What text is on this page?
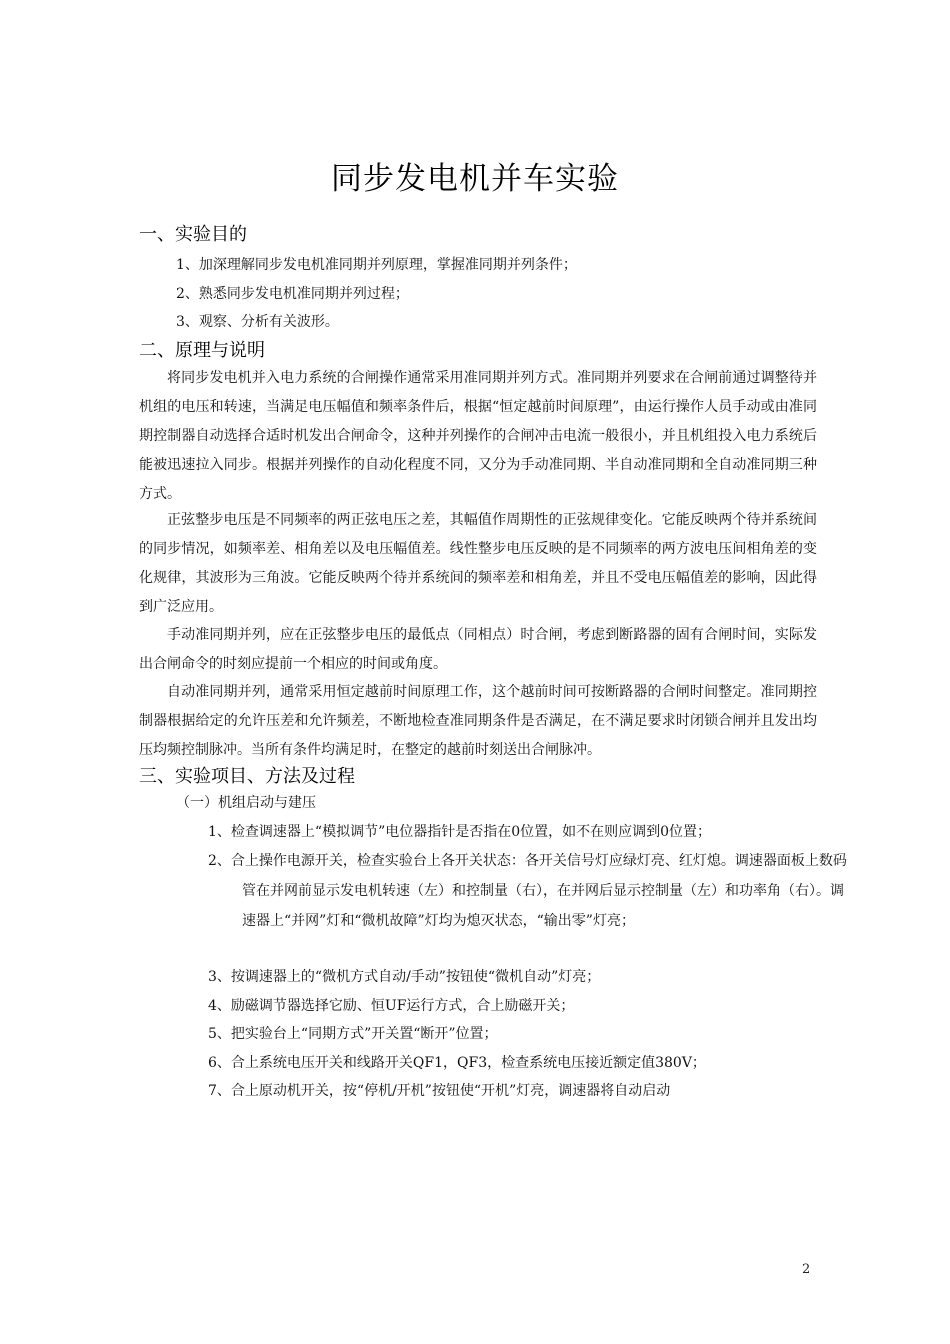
同步发电机并车实验
一、实验目的
1、加深理解同步发电机准同期并列原理，掌握准同期并列条件；
2、熟悉同步发电机准同期并列过程；
3、观察、分析有关波形。
二、原理与说明
将同步发电机并入电力系统的合闸操作通常采用准同期并列方式。准同期并列要求在合闸前通过调整待并机组的电压和转速，当满足电压幅值和频率条件后，根据“恒定越前时间原理”，由运行操作人员手动或由准同期控制器自动选择合适时机发出合闸命令，这种并列操作的合闸冲击电流一般很小，并且机组投入电力系统后能被迅速拉入同步。根据并列操作的自动化程度不同，又分为手动准同期、半自动准同期和全自动准同期三种方式。
正弦整步电压是不同频率的两正弦电压之差，其幅值作周期性的正弦规律变化。它能反映两个待并系统间的同步情况，如频率差、相角差以及电压幅值差。线性整步电压反映的是不同频率的两方波电压间相角差的变化规律，其波形为三角波。它能反映两个待并系统间的频率差和相角差，并且不受电压幅值差的影响，因此得到广泛应用。
手动准同期并列，应在正弦整步电压的最低点（同相点）时合闸，考虑到断路器的固有合闸时间，实际发出合闸命令的时刻应提前一个相应的时间或角度。
自动准同期并列，通常采用恒定越前时间原理工作，这个越前时间可按断路器的合闸时间整定。准同期控制器根据给定的允许压差和允许频差，不断地检查准同期条件是否满足，在不满足要求时闭锁合闸并且发出均压均频控制脉冲。当所有条件均满足时，在整定的越前时刻送出合闸脉冲。
三、实验项目、方法及过程
（一）机组启动与建压
1、检查调速器上“模拟调节”电位器指针是否指在0位置，如不在则应调到0位置；
2、合上操作电源开关，检查实验台上各开关状态：各开关信号灯应绿灯亮、红灯熄。调速器面板上数码管在并网前显示发电机转速（左）和控制量（右），在并网后显示控制量（左）和功率角（右）。调速器上“并网”灯和“微机故障”灯均为熄灭状态，“输出零”灯亮；
3、按调速器上的“微机方式自动/手动”按钮使“微机自动”灯亮；
4、励磁调节器选择它励、恒UF运行方式，合上励磁开关；
5、把实验台上“同期方式”开关置“断开”位置；
6、合上系统电压开关和线路开关QF1，QF3，检查系统电压接近额定值380V；
7、合上原动机开关，按“停机/开机”按钮使“开机”灯亮，调速器将自动启动
2
